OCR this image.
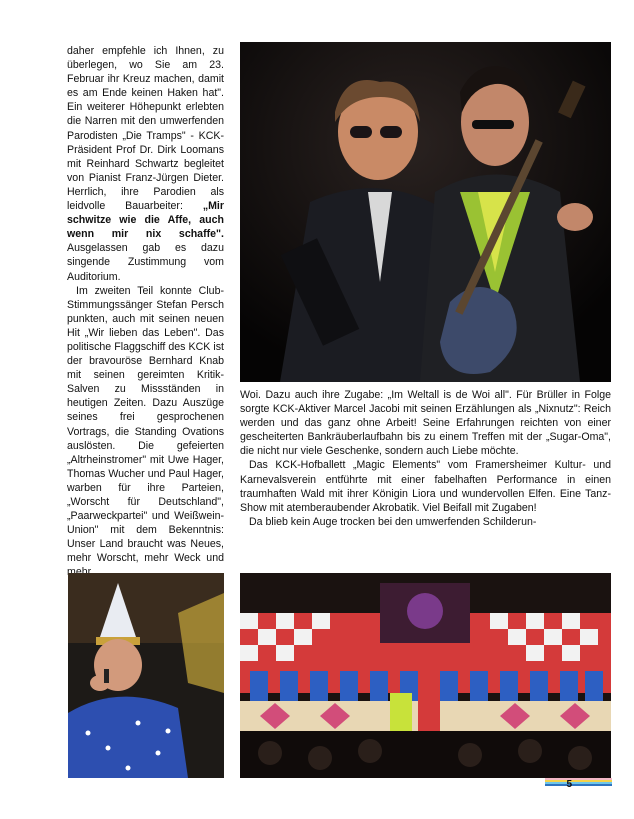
daher empfehle ich Ihnen, zu überlegen, wo Sie am 23. Februar ihr Kreuz machen, damit es am Ende keinen Haken hat". Ein weiterer Höhepunkt erlebten die Narren mit den umwerfenden Parodisten „Die Tramps" - KCK-Präsident Prof Dr. Dirk Loomans mit Reinhard Schwartz begleitet von Pianist Franz-Jürgen Dieter. Herrlich, ihre Parodien als leidvolle Bauarbeiter: „Mir schwitze wie die Affe, auch wenn mir nix schaffe". Ausgelassen gab es dazu singende Zustimmung vom Auditorium.

Im zweiten Teil konnte Club-Stimmungssänger Stefan Persch punkten, auch mit seinen neuen Hit „Wir lieben das Leben". Das politische Flaggschiff des KCK ist der bravouröse Bernhard Knab mit seinen gereimten Kritik-Salven zu Missständen in heutigen Zeiten. Dazu Auszüge seines frei gesprochenen Vortrags, die Standing Ovations auslösten. Die gefeierten „Altrheinstromer" mit Uwe Hager, Thomas Wucher und Paul Hager, warben für ihre Parteien, „Worscht für Deutschland", „Paarweckpartei" und Weißwein-Union" mit dem Bekenntnis: Unser Land braucht was Neues, mehr Worscht, mehr Weck und

Woi. Dazu auch ihre Zugabe: „Im Weltall is de Woi all". Für Brüller in Folge sorgte KCK-Aktiver Marcel Jacobi mit seinen Erzählungen als „Nixnutz": Reich werden und das ganz ohne Arbeit! Seine Erfahrungen reichten von einer gescheiterten Bankräuberlaufbahn bis zu einem Treffen mit der „Sugar-Oma", die nicht nur viele Geschenke, sondern auch Liebe möchte.

Das KCK-Hofballett „Magic Elements" vom Framersheimer Kultur- und Karnevalsverein entführte mit einer fabelhaften Performance in einen traumhaften Wald mit ihrer Königin Liora und wundervollen Elfen. Eine Tanz-Show mit atemberaubender Akrobatik. Viel Beifall mit Zugaben!

Da blieb kein Auge trocken bei den umwerfenden Schilderun-

5
